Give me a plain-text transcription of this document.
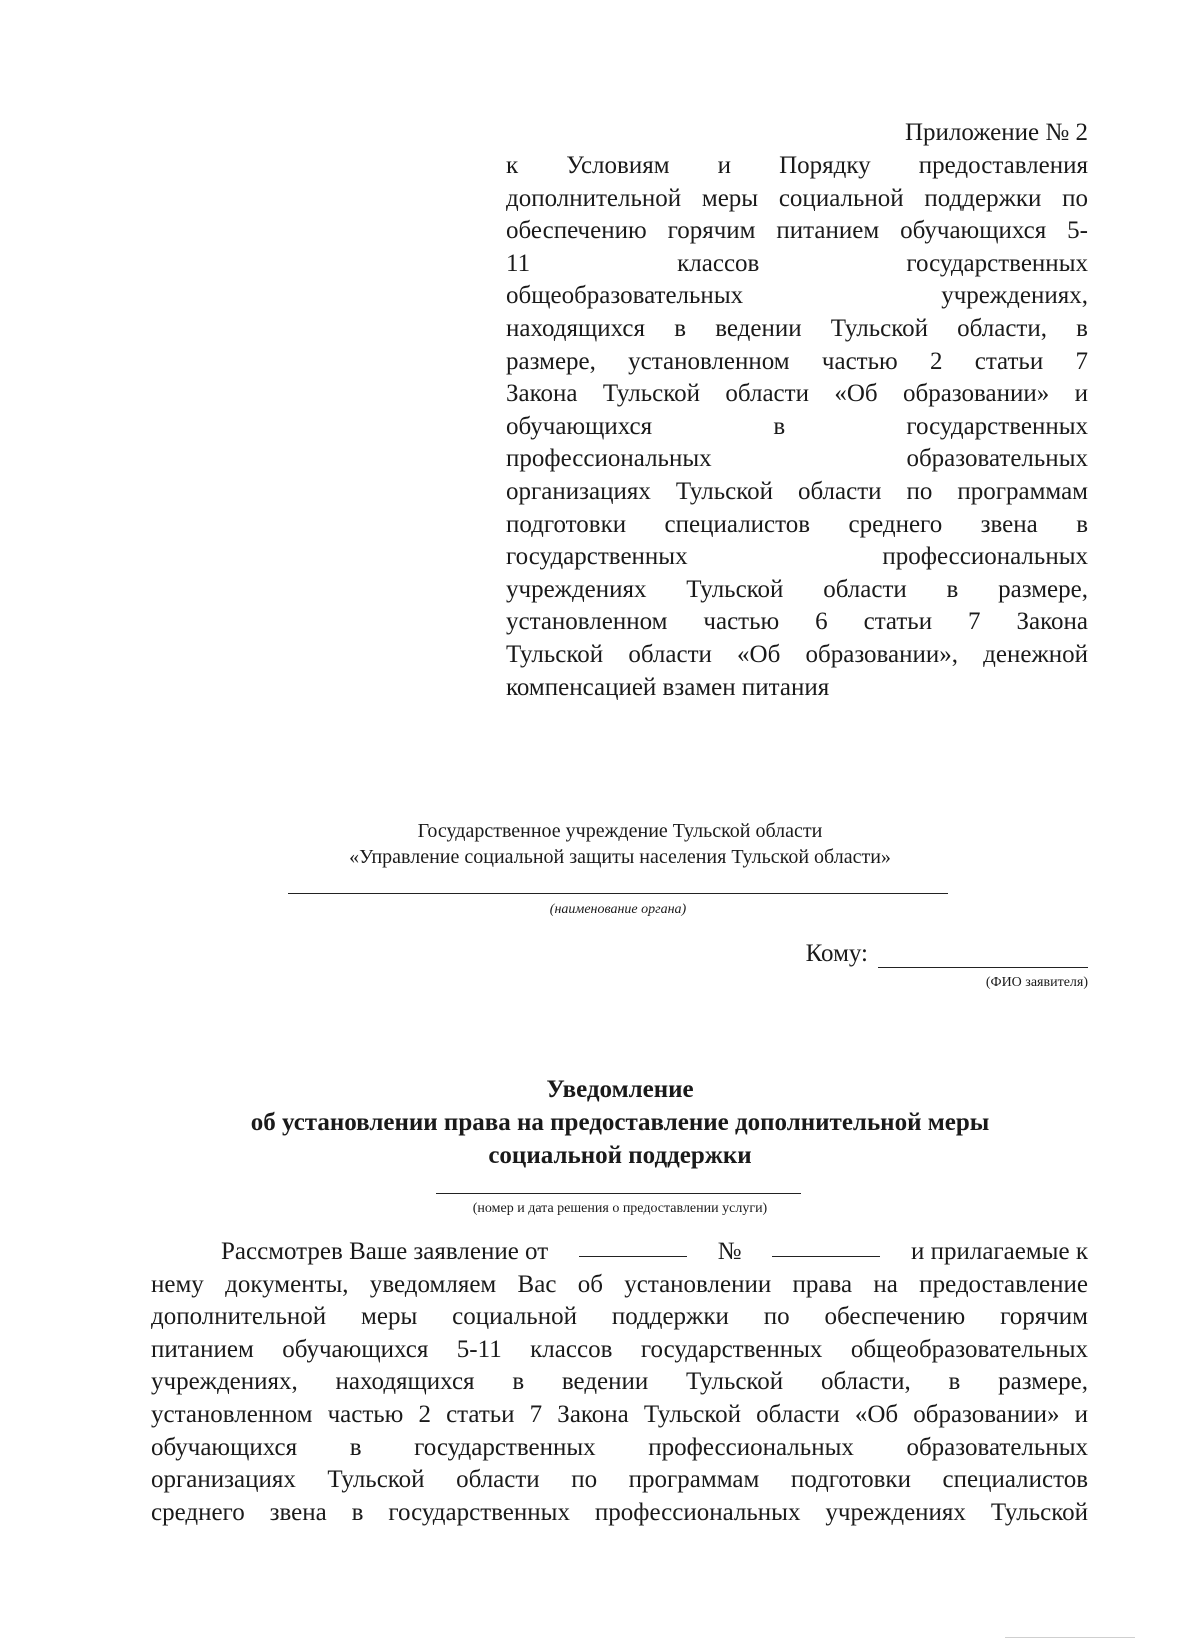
Приложение № 2
к Условиям и Порядку предоставления
дополнительной меры социальной поддержки по
обеспечению горячим питанием обучающихся 5-
11 классов государственных
общеобразовательных учреждениях,
находящихся в ведении Тульской области, в
размере, установленном частью 2 статьи 7
Закона Тульской области «Об образовании» и
обучающихся в государственных
профессиональных образовательных
организациях Тульской области по программам
подготовки специалистов среднего звена в
государственных профессиональных
учреждениях Тульской области в размере,
установленном частью 6 статьи 7 Закона
Тульской области «Об образовании», денежной
компенсацией взамен питания
Государственное учреждение Тульской области
«Управление социальной защиты населения Тульской области»
(наименование органа)
Кому:
(ФИО заявителя)
Уведомление
об установлении права на предоставление дополнительной меры
социальной поддержки
(номер и дата решения о предоставлении услуги)
Рассмотрев Ваше заявление от	№	и прилагаемые к
нему документы, уведомляем Вас об установлении права на предоставление
дополнительной меры социальной поддержки по обеспечению горячим
питанием обучающихся 5-11 классов государственных общеобразовательных
учреждениях, находящихся в ведении Тульской области, в размере,
установленном частью 2 статьи 7 Закона Тульской области «Об образовании» и
обучающихся в государственных профессиональных образовательных
организациях Тульской области по программам подготовки специалистов
среднего звена в государственных профессиональных учреждениях Тульской
